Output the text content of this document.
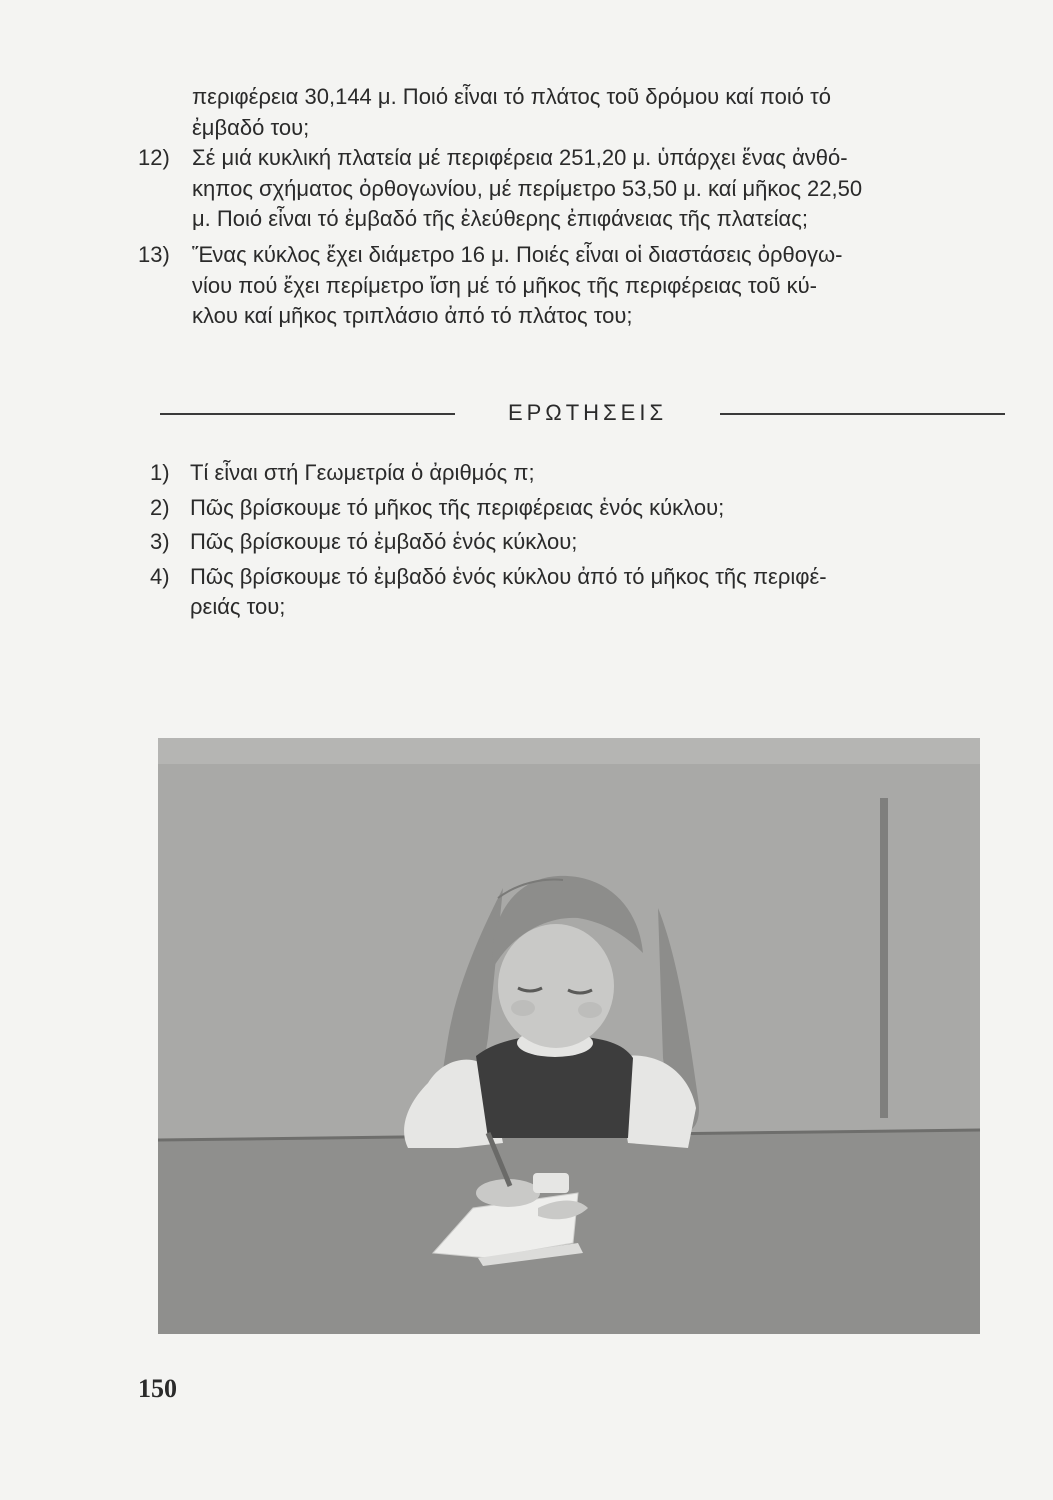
περιφέρεια 30,144 μ. Ποιό εἶναι τό πλάτος τοῦ δρόμου καί ποιό τό
ἐμβαδό του;
12)	Σέ μιά κυκλική πλατεία μέ περιφέρεια 251,20 μ. ὑπάρχει ἕνας ἀνθό-
κηπος σχήματος ὀρθογωνίου, μέ περίμετρο 53,50 μ. καί μῆκος 22,50
μ. Ποιό εἶναι τό ἐμβαδό τῆς ἐλεύθερης ἐπιφάνειας τῆς πλατείας;
13)	Ἕνας κύκλος ἔχει διάμετρο 16 μ. Ποιές εἶναι οἱ διαστάσεις ὀρθογω-
νίου πού ἔχει περίμετρο ἴση μέ τό μῆκος τῆς περιφέρειας τοῦ κύ-
κλου καί μῆκος τριπλάσιο ἀπό τό πλάτος του;
ΕΡΩΤΗΣΕΙΣ
1) Τί εἶναι στή Γεωμετρία ὁ ἀριθμός π;
2) Πῶς βρίσκουμε τό μῆκος τῆς περιφέρειας ἑνός κύκλου;
3) Πῶς βρίσκουμε τό ἐμβαδό ἑνός κύκλου;
4) Πῶς βρίσκουμε τό ἐμβαδό ἑνός κύκλου ἀπό τό μῆκος τῆς περιφέ-
ρειάς του;
150
